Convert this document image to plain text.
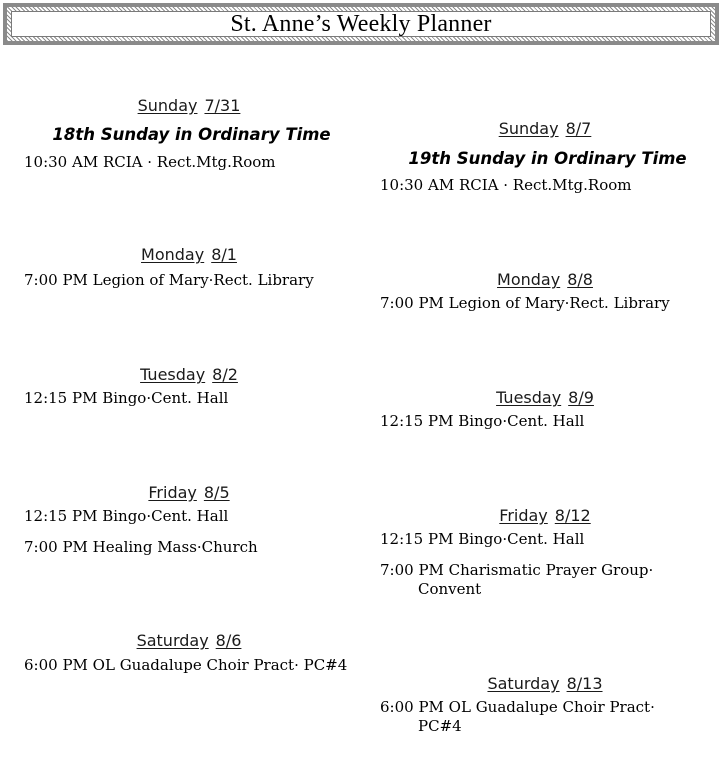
St. Anne’s Weekly Planner
Sunday 7/31
18th Sunday in Ordinary Time
10:30 AM RCIA · Rect.Mtg.Room
Monday 8/1
7:00 PM Legion of Mary·Rect. Library
Tuesday 8/2
12:15 PM Bingo·Cent. Hall
Friday 8/5
12:15 PM Bingo·Cent. Hall
7:00 PM Healing Mass·Church
Saturday 8/6
6:00 PM OL Guadalupe Choir Pract· PC#4
Sunday 8/7
19th Sunday in Ordinary Time
10:30 AM RCIA · Rect.Mtg.Room
Monday 8/8
7:00 PM Legion of Mary·Rect. Library
Tuesday 8/9
12:15 PM Bingo·Cent. Hall
Friday 8/12
12:15 PM Bingo·Cent. Hall
7:00 PM Charismatic Prayer Group· Convent
Saturday 8/13
6:00 PM OL Guadalupe Choir Pract· PC#4
